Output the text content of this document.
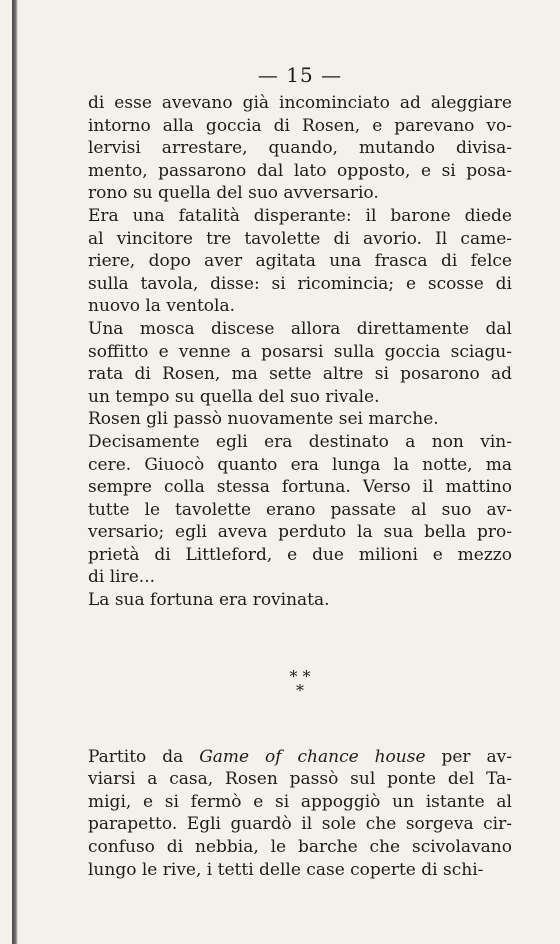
— 15 —

di esse avevano già incominciato ad aleggiare
intorno alla goccia di Rosen, e parevano vo-
lervisi arrestare, quando, mutando divisa-
mento, passarono dal lato opposto, e si posa-
rono su quella del suo avversario.

Era una fatalità disperante: il barone diede
al vincitore tre tavolette di avorio. Il came-
riere, dopo aver agitata una frasca di felce
sulla tavola, disse: si ricomincia; e scosse di
nuovo la ventola.

Una mosca discese allora direttamente dal
soffitto e venne a posarsi sulla goccia sciagu-
rata di Rosen, ma sette altre si posarono ad
un tempo su quella del suo rivale.

Rosen gli passò nuovamente sei marche.

Decisamente egli era destinato a non vin-
cere. Giuocò quanto era lunga la notte, ma
sempre colla stessa fortuna. Verso il mattino
tutte le tavolette erano passate al suo av-
versario; egli aveva perduto la sua bella pro-
prietà di Littleford, e due milioni e mezzo
di lire...

La sua fortuna era rovinata.

* *
*

Partito da Game of chance house per av-
viarsi a casa, Rosen passò sul ponte del Ta-
migi, e si fermò e si appoggiò un istante al
parapetto. Egli guardò il sole che sorgeva cir-
confuso di nebbia, le barche che scivolavano
lungo le rive, i tetti delle case coperte di schi-
